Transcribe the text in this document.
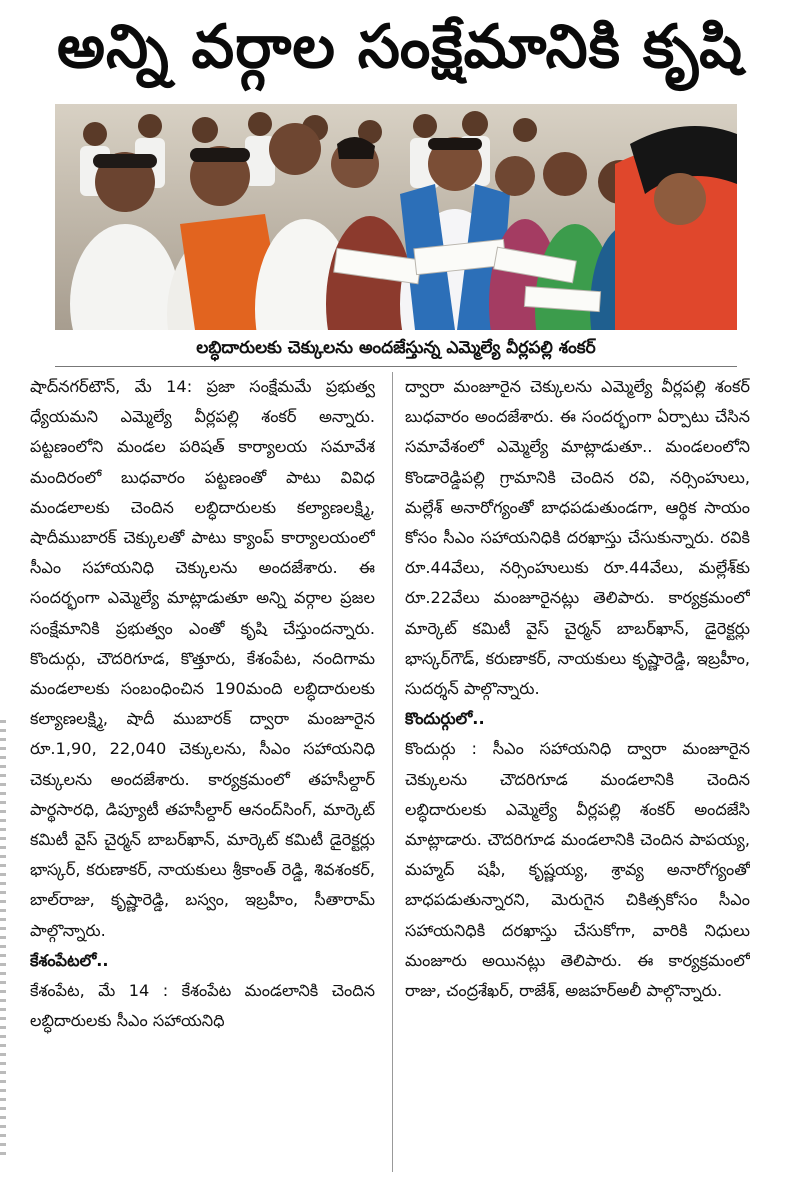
అన్ని వర్గాల సంక్షేమానికి కృషి
లబ్ధిదారులకు చెక్కులను అందజేస్తున్న ఎమ్మెల్యే వీర్లపల్లి శంకర్

షాద్‌నగర్‌టౌన్‌, మే 14: ప్రజా సంక్షేమమే ప్రభుత్వ ధ్యేయమని ఎమ్మెల్యే వీర్లపల్లి శంకర్‌ అన్నారు. పట్టణంలోని మండల పరిషత్‌ కార్యాలయ సమావేశ మందిరంలో బుధవారం పట్టణంతో పాటు వివిధ మండలాలకు చెందిన లబ్ధిదారులకు కల్యాణలక్ష్మి, షాదీముబారక్‌ చెక్కులతో పాటు క్యాంప్‌ కార్యాలయంలో సీఎం సహాయనిధి చెక్కులను అందజేశారు. ఈ సందర్భంగా ఎమ్మెల్యే మాట్లాడుతూ అన్ని వర్గాల ప్రజల సంక్షేమానికి ప్రభుత్వం ఎంతో కృషి చేస్తుందన్నారు. కొందుర్గు, చౌదరిగూడ, కొత్తూరు, కేశంపేట, నందిగామ మండలాలకు సంబంధించిన 190మంది లబ్ధిదారులకు కల్యాణలక్ష్మి, షాదీ ముబారక్‌ ద్వారా మంజూరైన రూ.1,90, 22,040 చెక్కులను, సీఎం సహాయనిధి చెక్కులను అందజేశారు. కార్యక్రమంలో తహసీల్దార్‌ పార్థసారధి, డిప్యూటీ తహసీల్దార్‌ ఆనంద్‌సింగ్‌, మార్కెట్‌ కమిటీ వైస్‌ చైర్మన్‌ బాబర్‌ఖాన్‌, మార్కెట్‌ కమిటీ డైరెక్టర్లు భాస్కర్‌, కరుణాకర్‌, నాయకులు శ్రీకాంత్‌ రెడ్డి, శివశంకర్‌, బాల్‌రాజు, కృష్ణారెడ్డి, బస్వం, ఇబ్రహీం, సీతారామ్‌ పాల్గొన్నారు.

కేశంపేటలో..

కేశంపేట, మే 14 : కేశంపేట మండలానికి చెందిన లబ్ధిదారులకు సీఎం సహాయనిధి

ద్వారా మంజూరైన చెక్కులను ఎమ్మెల్యే వీర్లపల్లి శంకర్‌ బుధవారం అందజేశారు. ఈ సందర్భంగా ఏర్పాటు చేసిన సమావేశంలో ఎమ్మెల్యే మాట్లాడుతూ.. మండలంలోని కొండారెడ్డిపల్లి గ్రామానికి చెందిన రవి, నర్సింహులు, మల్లేశ్‌ అనారోగ్యంతో బాధపడుతుండగా, ఆర్థిక సాయం కోసం సీఎం సహాయనిధికి దరఖాస్తు చేసుకున్నారు. రవికి రూ.44వేలు, నర్సింహులుకు రూ.44వేలు, మల్లేశ్‌కు రూ.22వేలు మంజూరైనట్లు తెలిపారు. కార్యక్రమంలో మార్కెట్‌ కమిటీ వైస్‌ చైర్మన్‌ బాబర్‌ఖాన్‌, డైరెక్టర్లు భాస్కర్‌గౌడ్‌, కరుణాకర్‌, నాయకులు కృష్ణారెడ్డి, ఇబ్రహీం, సుదర్శన్‌ పాల్గొన్నారు.

కొందుర్గులో..

కొందుర్గు : సీఎం సహాయనిధి ద్వారా మంజూరైన చెక్కులను చౌదరిగూడ మండలానికి చెందిన లబ్ధిదారులకు ఎమ్మెల్యే వీర్లపల్లి శంకర్‌ అందజేసి మాట్లాడారు. చౌదరిగూడ మండలానికి చెందిన పాపయ్య, మహ్మద్‌ షఫీ, కృష్ణయ్య, శ్రావ్య అనారోగ్యంతో బాధపడుతున్నారని, మెరుగైన చికిత్సకోసం సీఎం సహాయనిధికి దరఖాస్తు చేసుకోగా, వారికి నిధులు మంజూరు అయినట్లు తెలిపారు. ఈ కార్యక్రమంలో రాజు, చంద్రశేఖర్‌, రాజేశ్‌, అజహర్‌అలీ పాల్గొన్నారు.
